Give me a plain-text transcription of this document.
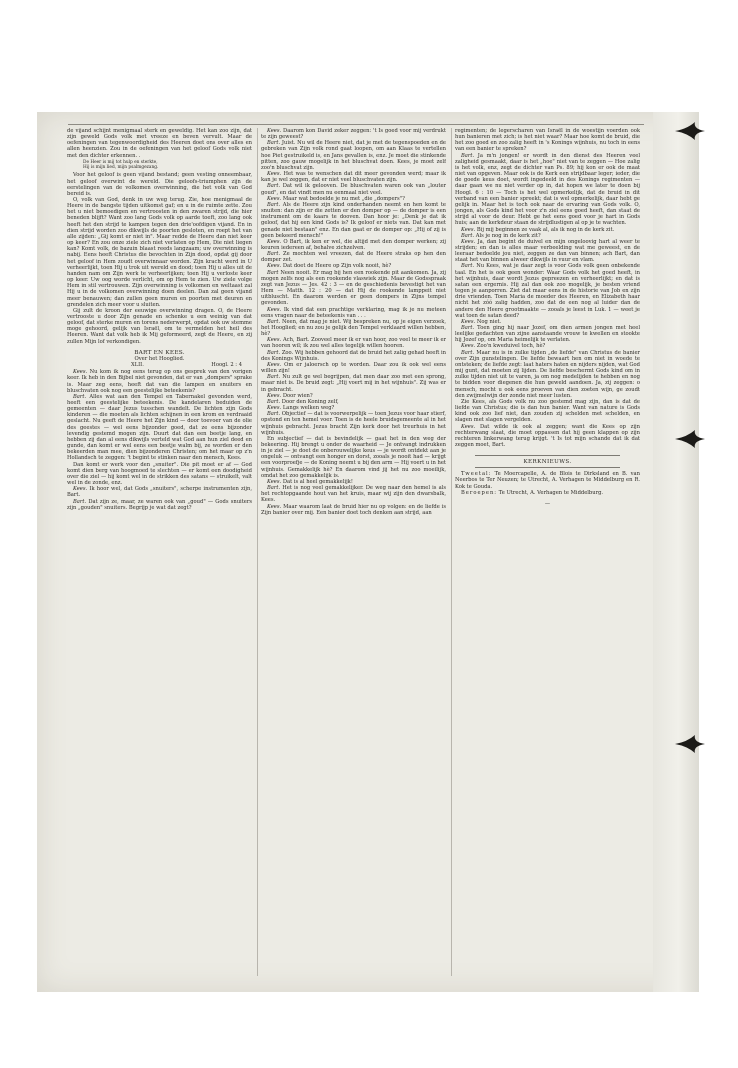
de vijand schijnt menigmaal sterk en geweldig. Het kan zoo zijn, dat zijn geweld Gods volk met vreeze en beven vervult. Maar de oefeningen van tegenwoordigheid des Heeren doet ons over alles en allen heenzien. Zou in de oefeningen van het geloof Gods volk niet met den dichter erkennen. .

De Heer is mij tot hulp en sterkte,
Hij is mijn lied, mijn psalmgezang.

Voor het geloof is geen vijand bestand; geen vesting onneembaar, het geloof overwint de wereld. Die geloofs-triumphen zijn de eerstelingen van de volkomen overwinning, die het volk van God bereid is.

O, volk van God, denk in uw weg terug. Zie, hoe menigmaal de Heere in de bangste tijden uitkomst gaf; en u in de ruimte zette. Zou het u niet bemoedigen en vertroosten in den zwaren strijd, die hier beneden blijft? Want zoo lang Gods volk op aarde toeft, zoo lang ook heeft het den strijd te kampen tegen den drie'oofdigen vijand. En in dien strijd worden zoo dikwijls de poorten gesloten, en roept het van alle zijden: „Gij komt er niet in". Maar redde de Heere dan niet keer op keer? En zou onze ziele zich niet verlaten op Hem, Die niet liegen kan? Komt volk, de bazuin blaast reeds langzaam; uw overwinning is nabij. Eens heeft Christus die bevochten in Zijn dood, opdat gij door het geloof in Hem zoudt overwinnaar worden. Zijn kracht werd in U verheerlijkt, toen Hij u trok uit wereld en dood; toen Hij u alles uit de handen nam om Zijn werk te verheerlijken; toen Hij u verloste keer op keer. Uw oog worde verlicht, om op Hem te zien. Uw ziele volge Hem in stil vertrouwen. Zijn overwinning is volkomen en weltaast zal Hij u in de volkomen overwinning doen deelen. Dan zal geen vijand meer benauwen; dan zullen geen muren en poorten met deuren en grendelen zich meer voor u sluiten.

Gij zult de kroon der eeuwige overwinning dragen. O, de Heere vertrooste u door Zijn genade en schenke u een weinig van dat geloof, dat sterke muren en torens nederwerpt, opdat ook uw stemme moge gehoord, gelijk van Israël, om te vermelden het heil des Heeren. Want dat volk heb ik Mij geformeerd, zegt de Heere, en zij zullen Mijn lof verkondigen.

BART EN KEES.
Over het Hooglied.
XLII.	Hoogl. 2 : 4

Kees. Nu kom ik nog eens terug op ons gesprek van den vorigen keer. Ik heb in den Bijbel niet gevonden, dat er van „dompers" sprake is. Maar zeg eens, heeft dat van die lampen en snuiters en bluschvaten ook nog een geestelijke beteekenis?

Bart. Alles wat aan den Tempel en Tabernakel gevonden werd, heeft een geestelijke beteekenis. De kandelaren beduiden de gemeenten — daar Jezus tusschen wandelt. De lichten zijn Gods kinderen — die moeten als lichten schijnen in een krom en verdraaid geslacht. Nu geeft de Heere het Zijn kind — door toevoer van de olie des geestes — wel eens bijzonder goed, dat ze eens bijzonder levendig gestemd mogen zijn. Duurt dat dan een beetje lang, en hebben zij dan al eens dikwijls verteld wat God aan hun ziel deed en gunde, dan komt er wel eens een beetje walm bij, ze worden er den bekeerden man mee, dien bijzonderen Christen; om het maar op z'n Hollandsch te zeggen: 't begint te stinken naar den mensch, Kees.

Dan komt er werk voor den „snuiter". Die pit moet er af — God komt dien berg van hoogmoed te slechten — er komt een doodigheid over die ziel — hij komt wel in de strikken des satans — struikelt, valt wel in de zonde, enz.

Kees. Ik hoor wel, dat Gods „snuiters", scherpe instrumenten zijn, Bart.

Bart. Dat zijn ze, maar, ze waren ook van „goud" — Gods snuiters zijn „gouden" snuiters. Begrijp je wat dat zegt?

Kees. Daarom kon David zeker zeggen: 't Is goed voor mij verdrukt te zijn geweest?

Bart. Juist. Nu wil de Heere niet, dat je met de tegenspoeden en de gebreken van Zijn volk rond gaat loopen, om aan Klaas te vertellen hoe Piet gestruikeld is, en Jans gevallen is, enz. Je moet die stinkende pitten, zoo gauw mogelijk in het bluschvat doen. Kees, je moet zelf zoo'n bluschvat zijn.

Kees. Het was te wenschen dat dit meer gevonden werd; maar ik kan je wel zeggen, dat er niet veel bluschvaten zijn.

Bart. Dat wil ik gelooven. De bluschvaten waren ook van „louter goud", en dat vindt men nu eenmaal niet veel.

Kees. Maar wat bedoelde je nu met „die „dompers"?

Bart. Als de Heere zijn kind onderhanden neemt en hen komt te snuiten: dan zijn er die zetten er den domper op — de domper is een instrument om de kaars te dooven. Dan hoor je: „Denk je dat ik geloof, dat hij een kind Gods is? Ik geloof er niets van. Dat kan met genade niet bestaan" enz. En dan gaat er de domper op: „Hij of zij is geen bekeerd mensch!"

Kees. O Bart, ik ken er wel, die altijd met den domper werken; zij keuren iedereen af, behalve zichzelven.

Bart. Ze mochten wel vreezen, dat de Heere straks op hen den domper zet.

Kees. Dat doet de Heere op Zijn volk nooit, hè?

Bart Neen nooit. Er mag bij hen een rookende pit aankomen. Ja, zij mogen zelfs nog als een rookende vlaswiek zijn. Maar de Godsspraak zegt van Jezus — Jes. 42 : 3 — en de geschiedenis bevestigt het van Hem — Matth. 12 : 20 — dat Hij de rookende lamppeit niet uitbluscht. En daarom werden er geen dompers in Zijns tempel gevonden.

Kees. Ik vind dat een prachtige verklaring, mag ik je nu meteen eens vragen naar de beteekenis van . . .

Bart. Neen, dat mag je niet. Wij bespreken nu, op je eigen verzoek, het Hooglied; en nu zou je gelijk den Tempel verklaard willen hebben, hè?

Kees. Ach, Bart. Zooveel meer ik er van hoor, zoo veel te meer ik er van hooren wil; ik zou wel alles tegelijk willen hooren.

Bart. Zoo. Wij hebben gehoord dat de bruid het zalig gehad heeft in des Konings Wijnhuis.

Kees. Om er jaloersch op te worden. Daar zou ik ook wel eens willen zijn!

Bart. Nu zult ge wel begrijpen, dat men daar zoo met een sprong, maar niet is. De bruid zegt: „Hij voert mij in het wijnhuis". Zij was er in gebracht.

Kees. Door wien?

Bart. Door den Koning zelf,

Kees. Langs welken weg?

Bart. Objectief — dat is voorwerpelijk — toen Jezus voor haar stierf, opstond en ten hemel voer. Toen is de heele bruidsgemeente al in het wijnhuis gebracht. Jezus bracht Zijn kerk door het treurhuis in het wijnhuis.

En subjectief — dat is bevindelijk — gaat het in den weg der bekeering. Hij brengt u onder de waarheid — Je ontvangt indrukken in je ziel — je doet de onberouwelijke keus — je wordt ontdekt aan je ongeluk — ontvangt een honger en dorst, zooals je nooit had — krijgt een voorproefje — de Koning neemt u bij den arm — Hij voert u in het wijnhuis. Gemakkelijk hè? En daarom vind jij het nu zoo moeilijk, omdat het zoo gemakkelijk is.

Kees. Dat is al heel gemakkelijk!

Bart. Het is nog veel gemakkelijker. De weg naar den hemel is als het rechtopgaande hout van het kruis, maar wij zijn den dwarsbalk, Kees.

Kees. Maar waarom laat de bruid hier nu op volgen: en de liefde is Zijn banier over mij. Een banier doet toch denken aan strijd, aan

regimenten; de legerscharen van Israël in de woestijn voerden ook hun banieren met zich; is het niet waar? Maar hoe komt de bruid, die het zoo goed en zoo zalig heeft in 's Konings wijnhuis, nu toch in eens van een banier te spreken?

Bart. Ja m'n jongen! er wordt in den dienst des Heeren veel zaligheid gesmaakt, daar is het „hoe" niet van te zeggen — Hoe zalig is het volk, enz, zegt de dichter van Ps. 89; hij kon er ook de maat niet van opgeven. Maar ook is de Kerk een strijdbaar leger; ieder, die de goede keus doet, wordt ingedeeld in des Konings regimenten — daar gaan we nu niet verder op in, dat hopen we later te doen bij Hoogl. 6 : 10 — Toch is het wel opmerkelijk, dat de bruid in dit verband van een banier spreekt; dat is wel opmerkelijk, daar hebt ge gelijk in. Maar het is toch ook naar de ervaring van Gods volk. O, jongen, als Gods kind het voor z'n ziel eens goed heeft, dan staat de strijd al voor de deur. Hebt ge het eens goed voor je hart in Gods huis; aan de kerkdeur staan de strijdlustigen al op je te wachten.

Kees. Bij mij beginnen ze vaak al, als ik nog in de kerk zit.

Bart. Als je nog in de kerk zit?

Kees. Ja, dan begint de duivel en mijn ongeloovig hart al weer te strijden; en dan is alles maar verbeelding wat me geweest, en de leeraar bedoelde jou niet, zeggen ze dan van binnen; ach Bart, dan staat het van binnen alweer dikwijls in vuur en vlam.

Bart. Nu Kees, wat je daar zegt is voor Gods volk geen onbekende taal. En het is ook geen wonder: Waar Gods volk het goed heeft, in het wijnhuis, daar wordt Jezus gepreezen en verheerlijkt; en dat is satan een ergernis. Hij zal dan ook zoo mogelijk, je besten vriend tegen je aanporren. Ziet dat maar eens in de historie van Job en zijn drie vrienden. Toen Maria de moeder des Heeren, en Elizabeth haar nicht het zóó zalig hadden, zoo dat de een nog al luider dan de andere den Heere grootmaakte — zooals je leest in Luk. 1 — weet je wat toen de satan deed?

Kees. Nog niet.

Bart. Toen ging hij naar Jozef, om dien armen jongen met heel leelijke gedachten van zijne aanstaande vrouw te kwellen en stookte hij Jozef op, om Maria heimelijk te verlaten.

Kees. Zoo'n kweduivel toch, hè?

Bart. Maar nu is in zulke tijden „de liefde" van Christus de banier over Zijn gunstelingen. De liefde bewaart hen om niet in woede te ontsteken; de liefde zegt: laat haters haten en nijders nijden, wat God mij gunt, dat moeten zij lijden. De liefde beschermt Gods kind om in zulke tijden niet uit te varen, ja om nog medelijden te hebben en nog te bidden voor diegenen die hun geweld aandoen. Ja, zij zeggen: o mensch, mocht u ook eens proeven van dien zoeten wijn, ge zoudt den zwijmelwijn der zonde niet meer lusten.

Zie Kees, als Gods volk nu zoo gestemd mag zijn, dan is dat de liefde van Christus; die is dan hun banier. Want van nature is Gods kind ook zoo lief niet, dan zouden zij schelden met schelden, en slagen met slagen vergelden.

Kees. Dat wilde ik ook al zeggen; want die Kees op zijn rechterwang slaat, die moet oppassen dat hij geen klappen op zijn rechteren linkerwang terug krijgt. 't Is tot mijn schande dat ik dat zeggen moet, Bart.

KERKNIEUWS.

Tweetal: Te Moercapelle, A. de Blois te Dirksland en B. van Neerbos te Ter Neuzen; te Utrecht, A. Verhagen te Middelburg en R. Kok te Gouda.

Beroepen: Te Utrecht, A. Verhagen te Middelburg.

—
